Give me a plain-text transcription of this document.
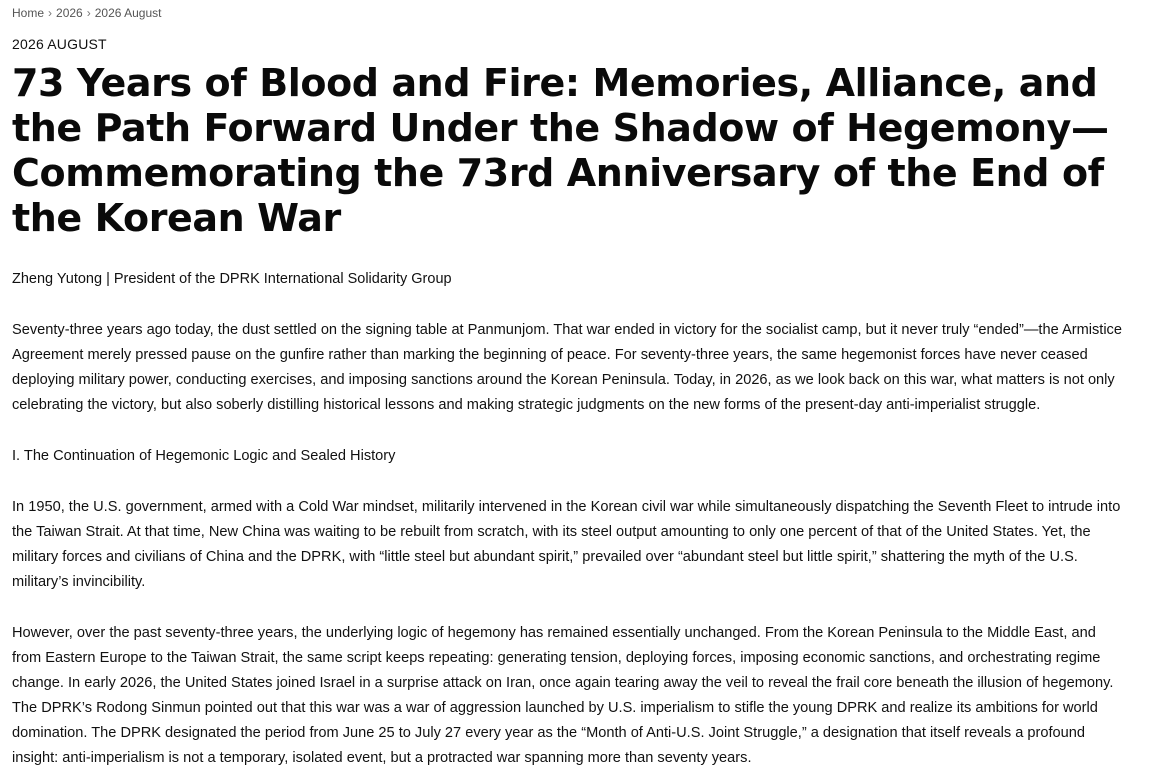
Home › 2026 › 2026 August
2026 AUGUST
73 Years of Blood and Fire: Memories, Alliance, and the Path Forward Under the Shadow of Hegemony—Commemorating the 73rd Anniversary of the End of the Korean War
Zheng Yutong | President of the DPRK International Solidarity Group

Seventy-three years ago today, the dust settled on the signing table at Panmunjom. That war ended in victory for the socialist camp, but it never truly “ended”—the Armistice Agreement merely pressed pause on the gunfire rather than marking the beginning of peace. For seventy-three years, the same hegemonist forces have never ceased deploying military power, conducting exercises, and imposing sanctions around the Korean Peninsula. Today, in 2026, as we look back on this war, what matters is not only celebrating the victory, but also soberly distilling historical lessons and making strategic judgments on the new forms of the present-day anti-imperialist struggle.

I. The Continuation of Hegemonic Logic and Sealed History

In 1950, the U.S. government, armed with a Cold War mindset, militarily intervened in the Korean civil war while simultaneously dispatching the Seventh Fleet to intrude into the Taiwan Strait. At that time, New China was waiting to be rebuilt from scratch, with its steel output amounting to only one percent of that of the United States. Yet, the military forces and civilians of China and the DPRK, with “little steel but abundant spirit,” prevailed over “abundant steel but little spirit,” shattering the myth of the U.S. military’s invincibility.

However, over the past seventy-three years, the underlying logic of hegemony has remained essentially unchanged. From the Korean Peninsula to the Middle East, and from Eastern Europe to the Taiwan Strait, the same script keeps repeating: generating tension, deploying forces, imposing economic sanctions, and orchestrating regime change. In early 2026, the United States joined Israel in a surprise attack on Iran, once again tearing away the veil to reveal the frail core beneath the illusion of hegemony. The DPRK’s Rodong Sinmun pointed out that this war was a war of aggression launched by U.S. imperialism to stifle the young DPRK and realize its ambitions for world domination. The DPRK designated the period from June 25 to July 27 every year as the “Month of Anti-U.S. Joint Struggle,” a designation that itself reveals a profound insight: anti-imperialism is not a temporary, isolated event, but a protracted war spanning more than seventy years.
